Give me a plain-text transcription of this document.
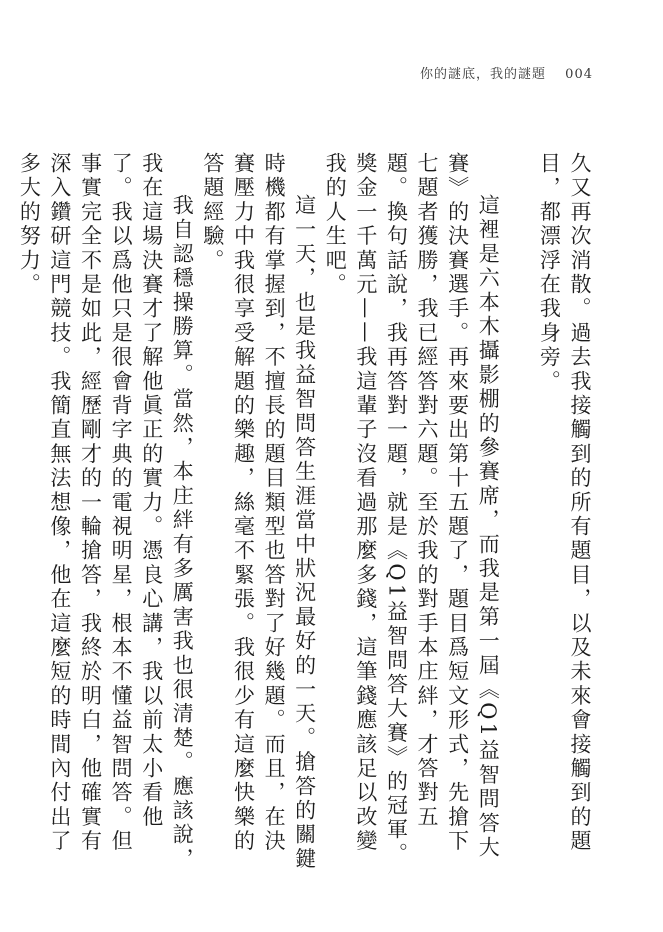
你的謎底，我的謎題 004

久又再次消散。過去我接觸到的所有題目，以及未來會接觸到的題目，都漂浮在我身旁。

這裡是六本木攝影棚的參賽席，而我是第一屆《Q1益智問答大賽》的決賽選手。再來要出第十五題了，題目爲短文形式，先搶下七題者獲勝，我已經答對六題。至於我的對手本庄絆，才答對五題。換句話說，我再答對一題，就是《Q1益智問答大賽》的冠軍。獎金一千萬元——我這輩子沒看過那麼多錢，這筆錢應該足以改變我的人生吧。

這一天，也是我益智問答生涯當中狀況最好的一天。搶答的關鍵時機都有掌握到，不擅長的題目類型也答對了好幾題。而且，在決賽壓力中我很享受解題的樂趣，絲毫不緊張。我很少有這麼快樂的答題經驗。

我自認穩操勝算。當然，本庄絆有多厲害我也很清楚。應該說，我在這場決賽才了解他眞正的實力。憑良心講，我以前太小看他了。我以爲他只是很會背字典的電視明星，根本不懂益智問答。但事實完全不是如此，經歷剛才的一輪搶答，我終於明白，他確實有深入鑽研這門競技。我簡直無法想像，他在這麼短的時間內付出了多大的努力。
